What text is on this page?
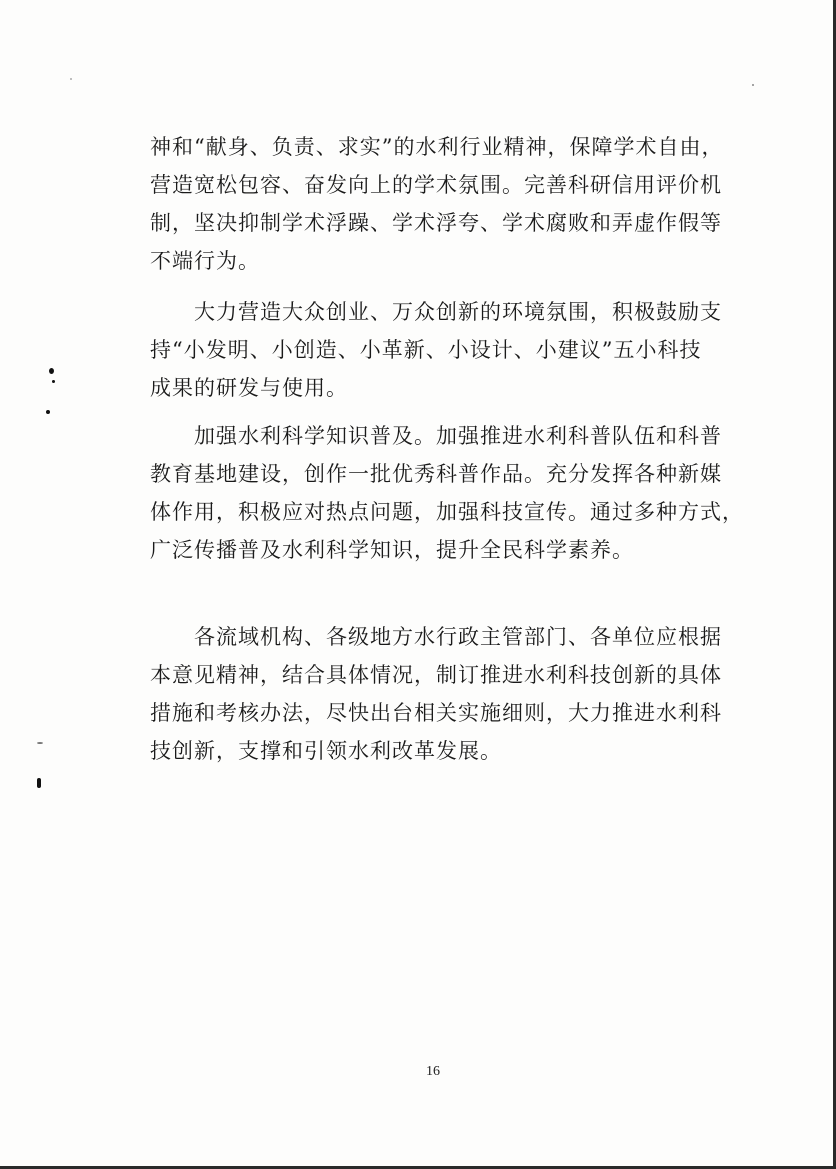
神和“献身、负责、求实”的水利行业精神，保障学术自由，
营造宽松包容、奋发向上的学术氛围。完善科研信用评价机
制，坚决抑制学术浮躁、学术浮夸、学术腐败和弄虚作假等
不端行为。

大力营造大众创业、万众创新的环境氛围，积极鼓励支
持“小发明、小创造、小革新、小设计、小建议”五小科技
成果的研发与使用。

加强水利科学知识普及。加强推进水利科普队伍和科普
教育基地建设，创作一批优秀科普作品。充分发挥各种新媒
体作用，积极应对热点问题，加强科技宣传。通过多种方式，
广泛传播普及水利科学知识，提升全民科学素养。

各流域机构、各级地方水行政主管部门、各单位应根据
本意见精神，结合具体情况，制订推进水利科技创新的具体
措施和考核办法，尽快出台相关实施细则，大力推进水利科
技创新，支撑和引领水利改革发展。

16
